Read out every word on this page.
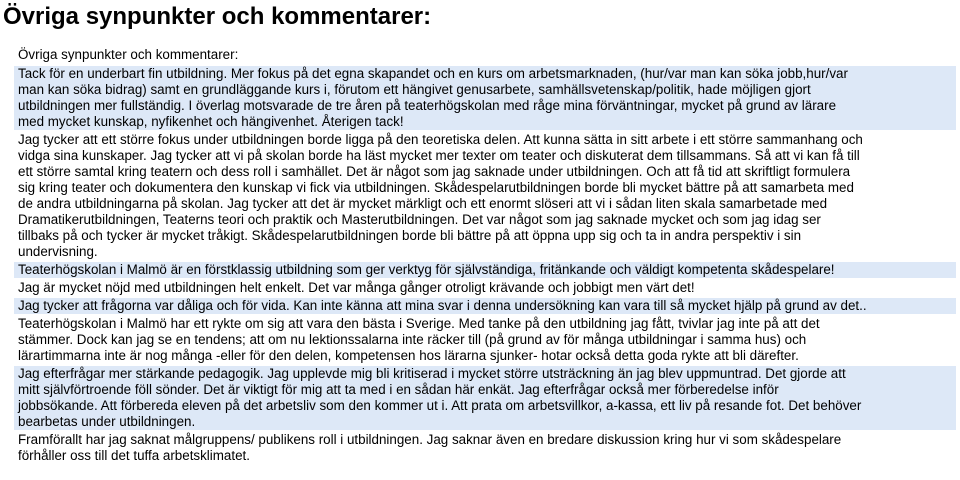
Övriga synpunkter och kommentarer:
Övriga synpunkter och kommentarer:
Tack för en underbart fin utbildning. Mer fokus på det egna skapandet och en kurs om arbetsmarknaden, (hur/var man kan söka jobb,hur/var
man kan söka bidrag) samt en grundläggande kurs i, förutom ett hängivet genusarbete, samhällsvetenskap/politik, hade möjligen gjort
utbildningen mer fullständig. I överlag motsvarade de tre åren på teaterhögskolan med råge mina förväntningar, mycket på grund av lärare
med mycket kunskap, nyfikenhet och hängivenhet. Återigen tack!
Jag tycker att ett större fokus under utbildningen borde ligga på den teoretiska delen. Att kunna sätta in sitt arbete i ett större sammanhang och
vidga sina kunskaper. Jag tycker att vi på skolan borde ha läst mycket mer texter om teater och diskuterat dem tillsammans. Så att vi kan få till
ett större samtal kring teatern och dess roll i samhället. Det är något som jag saknade under utbildningen. Och att få tid att skriftligt formulera
sig kring teater och dokumentera den kunskap vi fick via utbildningen. Skådespelarutbildningen borde bli mycket bättre på att samarbeta med
de andra utbildningarna på skolan. Jag tycker att det är mycket märkligt och ett enormt slöseri att vi i sådan liten skala samarbetade med
Dramatikerutbildningen, Teaterns teori och praktik och Masterutbildningen. Det var något som jag saknade mycket och som jag idag ser
tillbaks på och tycker är mycket tråkigt. Skådespelarutbildningen borde bli bättre på att öppna upp sig och ta in andra perspektiv i sin
undervisning.
Teaterhögskolan i Malmö är en förstklassig utbildning som ger verktyg för självständiga, fritänkande och väldigt kompetenta skådespelare!
Jag är mycket nöjd med utbildningen helt enkelt. Det var många gånger otroligt krävande och jobbigt men värt det!
Jag tycker att frågorna var dåliga och för vida. Kan inte känna att mina svar i denna undersökning kan vara till så mycket hjälp på grund av det..
Teaterhögskolan i Malmö har ett rykte om sig att vara den bästa i Sverige. Med tanke på den utbildning jag fått, tvivlar jag inte på att det
stämmer. Dock kan jag se en tendens; att om nu lektionssalarna inte räcker till (på grund av för många utbildningar i samma hus) och
lärartimmarna inte är nog många -eller för den delen, kompetensen hos lärarna sjunker- hotar också detta goda rykte att bli därefter.
Jag efterfrågar mer stärkande pedagogik. Jag upplevde mig bli kritiserad i mycket större utsträckning än jag blev uppmuntrad. Det gjorde att
mitt självförtroende föll sönder. Det är viktigt för mig att ta med i en sådan här enkät. Jag efterfrågar också mer förberedelse inför
jobbsökande. Att förbereda eleven på det arbetsliv som den kommer ut i. Att prata om arbetsvillkor, a-kassa, ett liv på resande fot. Det behöver
bearbetas under utbildningen.
Framförallt har jag saknat målgruppens/ publikens roll i utbildningen. Jag saknar även en bredare diskussion kring hur vi som skådespelare
förhåller oss till det tuffa arbetsklimatet.
